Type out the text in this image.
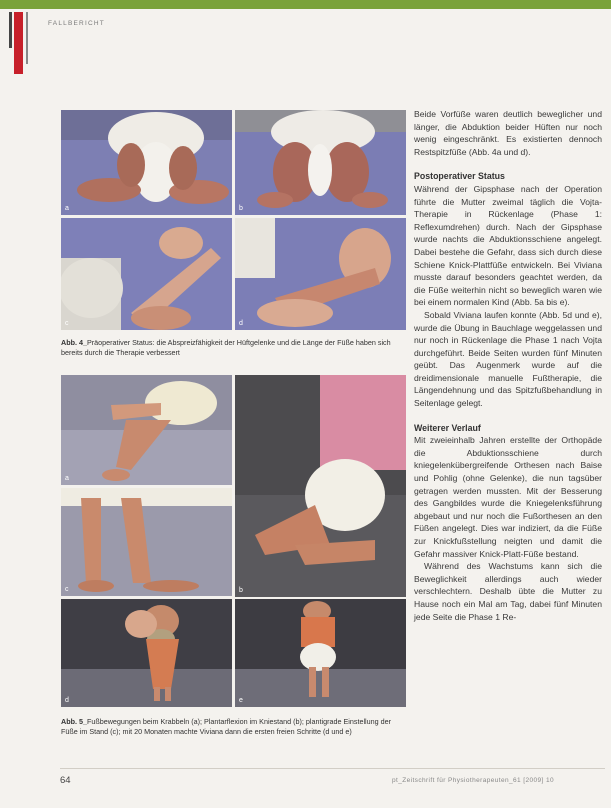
FALLBERICHT
a	b
c	d
Abb. 4_Präoperativer Status: die Abspreizfähigkeit der Hüftgelenke und die Länge der Füße haben sich bereits durch die Therapie verbessert
a
b
c
d	e
Abb. 5_Fußbewegungen beim Krabbeln (a); Plantarflexion im Kniestand (b); plantigrade Einstellung der Füße im Stand (c); mit 20 Monaten machte Viviana dann die ersten freien Schritte (d und e)

Beide Vorfüße waren deutlich beweglicher und länger, die Abduktion beider Hüften nur noch wenig eingeschränkt. Es existierten dennoch Restspitzfüße (Abb. 4a und d).

Postoperativer Status

Während der Gipsphase nach der Operation führte die Mutter zweimal täglich die Vojta-Therapie in Rückenlage (Phase 1: Reflexumdrehen) durch. Nach der Gipsphase wurde nachts die Abduktionsschiene angelegt. Dabei bestehe die Gefahr, dass sich durch diese Schiene Knick-Plattfüße entwickeln. Bei Viviana musste darauf besonders geachtet werden, da die Füße weiterhin nicht so beweglich waren wie bei einem normalen Kind (Abb. 5a bis e).

Sobald Viviana laufen konnte (Abb. 5d und e), wurde die Übung in Bauchlage weggelassen und nur noch in Rückenlage die Phase 1 nach Vojta durchgeführt. Beide Seiten wurden fünf Minuten geübt. Das Augenmerk wurde auf die dreidimensionale manuelle Fußtherapie, die Längendehnung und das Spitzfußbehandlung in Seitenlage gelegt.

Weiterer Verlauf

Mit zweieinhalb Jahren erstellte der Orthopäde die Abduktionsschiene durch kniegelenkübergreifende Orthesen nach Baise und Pohlig (ohne Gelenke), die nun tagsüber getragen werden mussten. Mit der Besserung des Gangbildes wurde die Kniegelenksführung abgebaut und nur noch die Fußorthesen an den Füßen angelegt. Dies war indiziert, da die Füße zur Knickfußstellung neigten und damit die Gefahr massiver Knick-Platt-Füße bestand.

Während des Wachstums kann sich die Beweglichkeit allerdings auch wieder verschlechtern. Deshalb übte die Mutter zu Hause noch ein Mal am Tag, dabei fünf Minuten jede Seite die Phase 1 Re-

64	pt_Zeitschrift für Physiotherapeuten_61 [2009] 10
